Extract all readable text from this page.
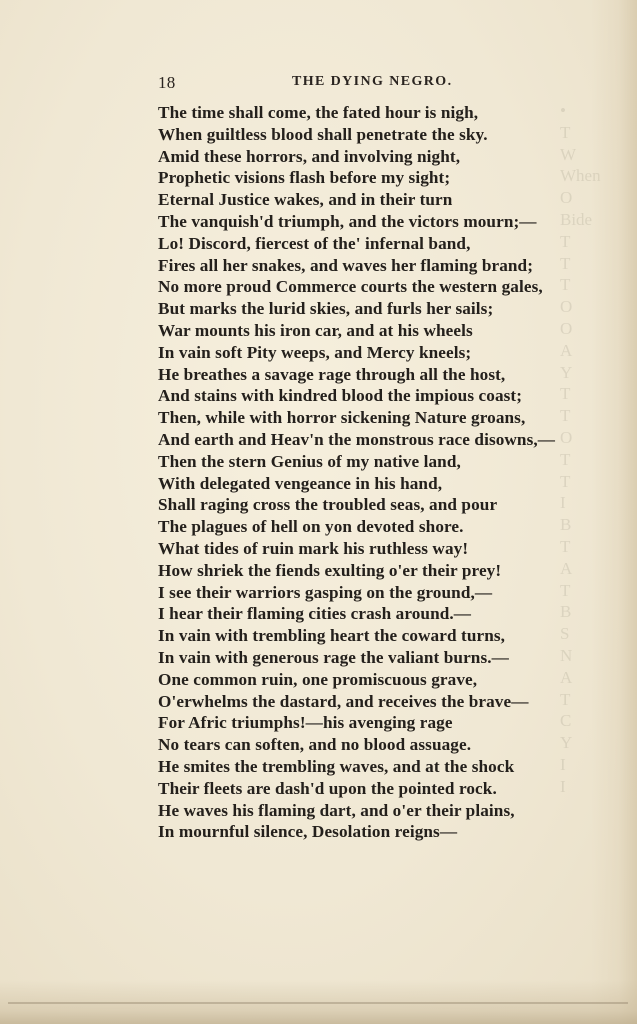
•
T
W
When
O
Bide
T
T
T
O
O
A
Y
T
T
O
T
T
I
B
T
A
T
B
S
N
A
T
C
Y
I
I
18	THE DYING NEGRO.
The time shall come, the fated hour is nigh,
When guiltless blood shall penetrate the sky.
Amid these horrors, and involving night,
Prophetic visions flash before my sight;
Eternal Justice wakes, and in their turn
The vanquish'd triumph, and the victors mourn;—
Lo! Discord, fiercest of the' infernal band,
Fires all her snakes, and waves her flaming brand;
No more proud Commerce courts the western gales,
But marks the lurid skies, and furls her sails;
War mounts his iron car, and at his wheels
In vain soft Pity weeps, and Mercy kneels;
He breathes a savage rage through all the host,
And stains with kindred blood the impious coast;
Then, while with horror sickening Nature groans,
And earth and Heav'n the monstrous race disowns,—
Then the stern Genius of my native land,
With delegated vengeance in his hand,
Shall raging cross the troubled seas, and pour
The plagues of hell on yon devoted shore.
What tides of ruin mark his ruthless way!
How shriek the fiends exulting o'er their prey!
I see their warriors gasping on the ground,—
I hear their flaming cities crash around.—
In vain with trembling heart the coward turns,
In vain with generous rage the valiant burns.—
One common ruin, one promiscuous grave,
O'erwhelms the dastard, and receives the brave—
For Afric triumphs!—his avenging rage
No tears can soften, and no blood assuage.
He smites the trembling waves, and at the shock
Their fleets are dash'd upon the pointed rock.
He waves his flaming dart, and o'er their plains,
In mournful silence, Desolation reigns—
